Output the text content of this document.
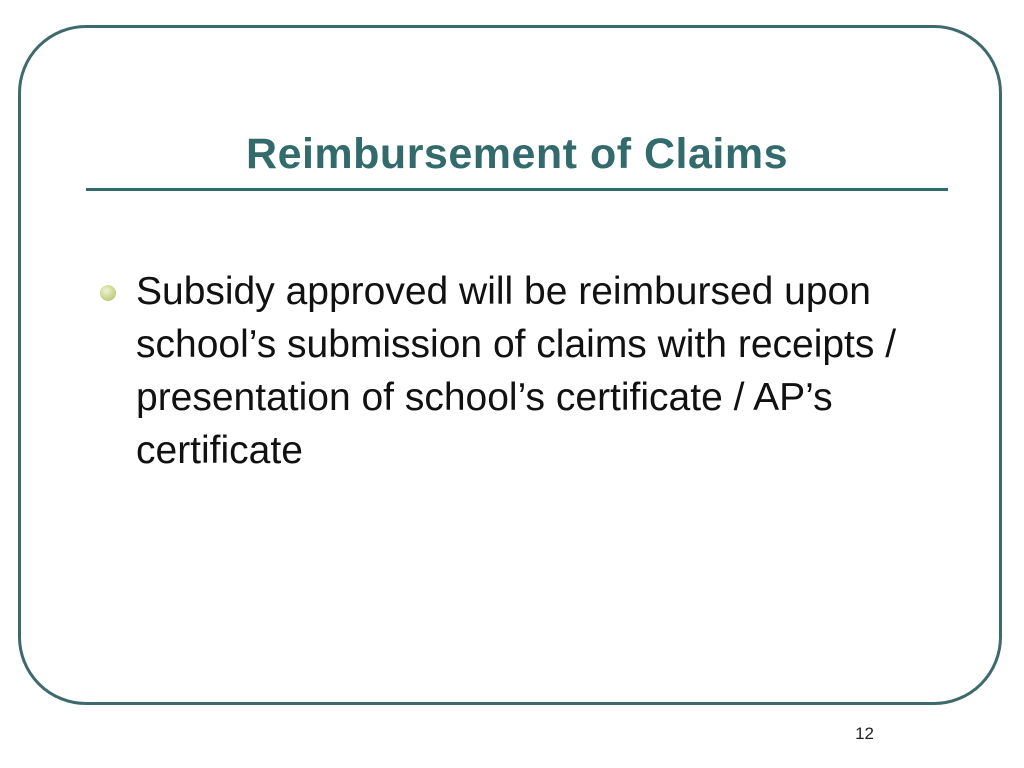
Reimbursement of Claims
Subsidy approved will be reimbursed upon school’s submission of claims with receipts / presentation of school’s certificate / AP’s certificate
12
